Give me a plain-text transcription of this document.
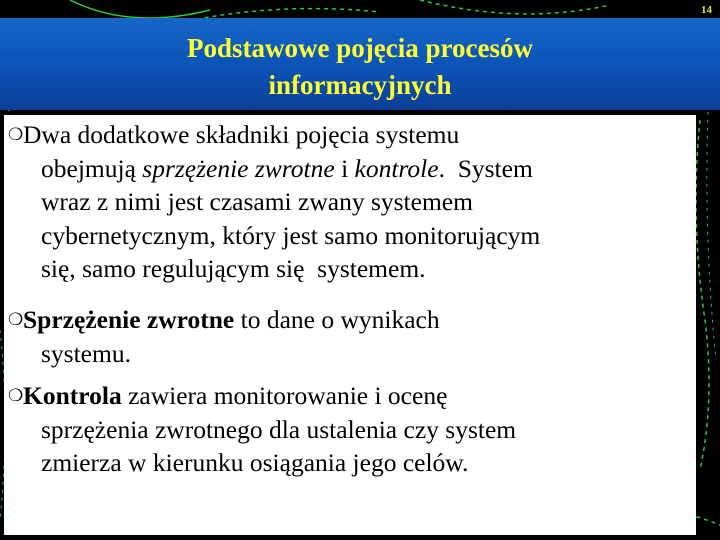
14
Podstawowe pojęcia procesów
informacyjnych
❍Dwa dodatkowe składniki pojęcia systemu
obejmują sprzężenie zwrotne i kontrole.  System
wraz z nimi jest czasami zwany systemem
cybernetycznym, który jest samo monitorującym
się, samo regulującym się  systemem.
❍Sprzężenie zwrotne to dane o wynikach
systemu.
❍Kontrola zawiera monitorowanie i ocenę
sprzężenia zwrotnego dla ustalenia czy system
zmierza w kierunku osiągania jego celów.
